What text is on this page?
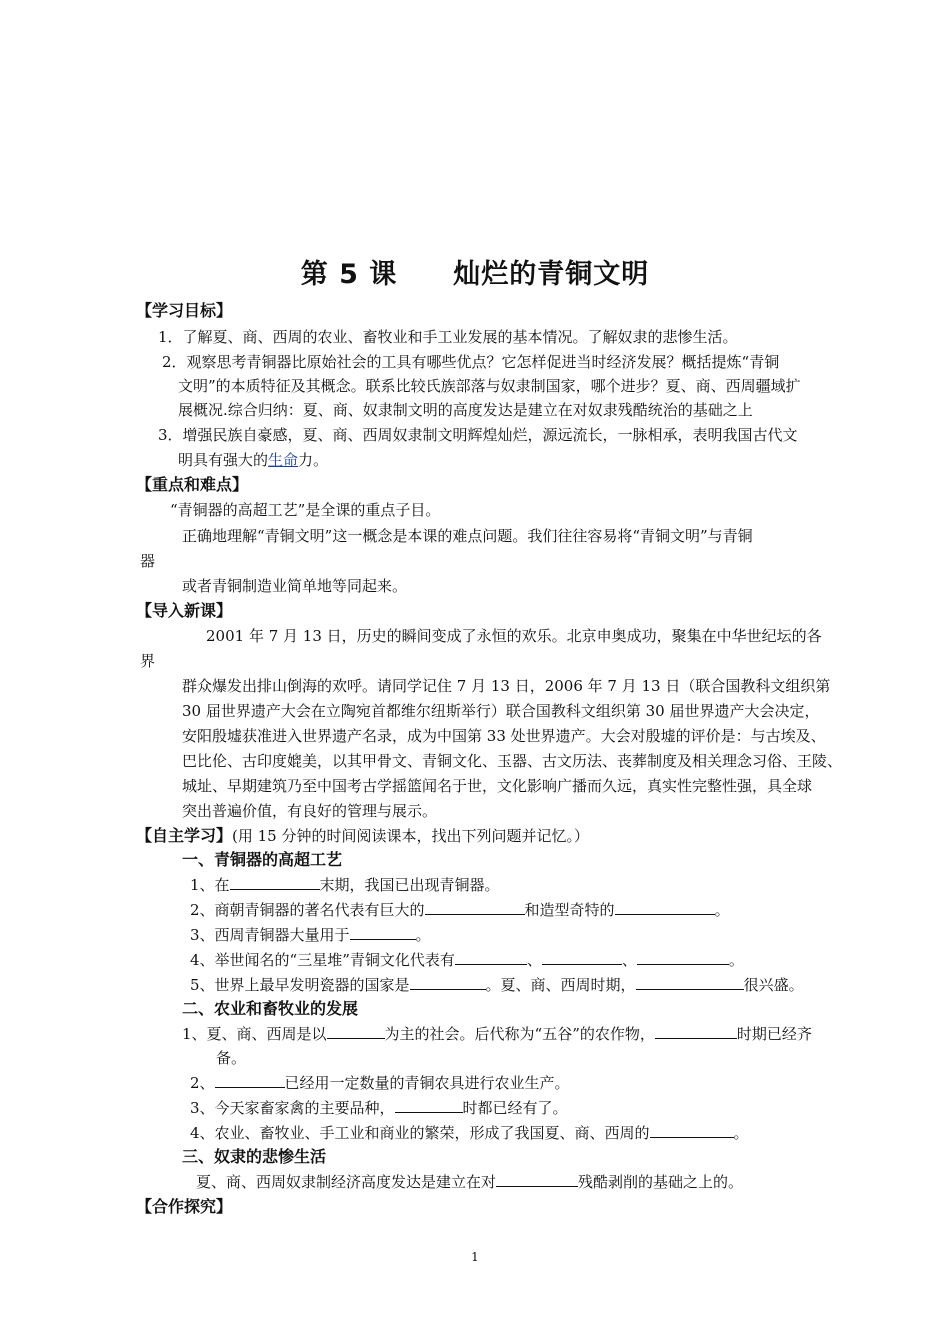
第 5 课　　灿烂的青铜文明
【学习目标】
1．了解夏、商、西周的农业、畜牧业和手工业发展的基本情况。了解奴隶的悲惨生活。
2．观察思考青铜器比原始社会的工具有哪些优点？它怎样促进当时经济发展？概括提炼“青铜
文明”的本质特征及其概念。联系比较氏族部落与奴隶制国家，哪个进步？夏、商、西周疆域扩
展概况.综合归纳：夏、商、奴隶制文明的高度发达是建立在对奴隶残酷统治的基础之上
3．增强民族自豪感，夏、商、西周奴隶制文明辉煌灿烂，源远流长，一脉相承，表明我国古代文
明具有强大的生命力。
【重点和难点】
“青铜器的高超工艺”是全课的重点子目。
正确地理解“青铜文明”这一概念是本课的难点问题。我们往往容易将“青铜文明”与青铜
器
或者青铜制造业简单地等同起来。
【导入新课】
2001 年 7 月 13 日，历史的瞬间变成了永恒的欢乐。北京申奥成功，聚集在中华世纪坛的各
界
群众爆发出排山倒海的欢呼。请同学记住 7 月 13 日，2006 年 7 月 13 日（联合国教科文组织第
30 届世界遗产大会在立陶宛首都维尔纽斯举行）联合国教科文组织第 30 届世界遗产大会决定，
安阳殷墟获准进入世界遗产名录，成为中国第 33 处世界遗产。大会对殷墟的评价是：与古埃及、
巴比伦、古印度媲美，以其甲骨文、青铜文化、玉器、古文历法、丧葬制度及相关理念习俗、王陵、
城址、早期建筑乃至中国考古学摇篮闻名于世，文化影响广播而久远，真实性完整性强，具全球
突出普遍价值，有良好的管理与展示。
【自主学习】(用 15 分钟的时间阅读课本，找出下列问题并记忆。）
一、青铜器的高超工艺
1、在	末期，我国已出现青铜器。
2、商朝青铜器的著名代表有巨大的	和造型奇特的	。
3、西周青铜器大量用于	。
4、举世闻名的“三星堆”青铜文化代表有	、	、	。
5、世界上最早发明瓷器的国家是	。夏、商、西周时期，	很兴盛。
二、农业和畜牧业的发展
1、夏、商、西周是以	为主的社会。后代称为“五谷”的农作物，	时期已经齐
备。
2、	已经用一定数量的青铜农具进行农业生产。
3、今天家畜家禽的主要品种，	时都已经有了。
4、农业、畜牧业、手工业和商业的繁荣，形成了我国夏、商、西周的	。
三、奴隶的悲惨生活
夏、商、西周奴隶制经济高度发达是建立在对	残酷剥削的基础之上的。
【合作探究】
1
